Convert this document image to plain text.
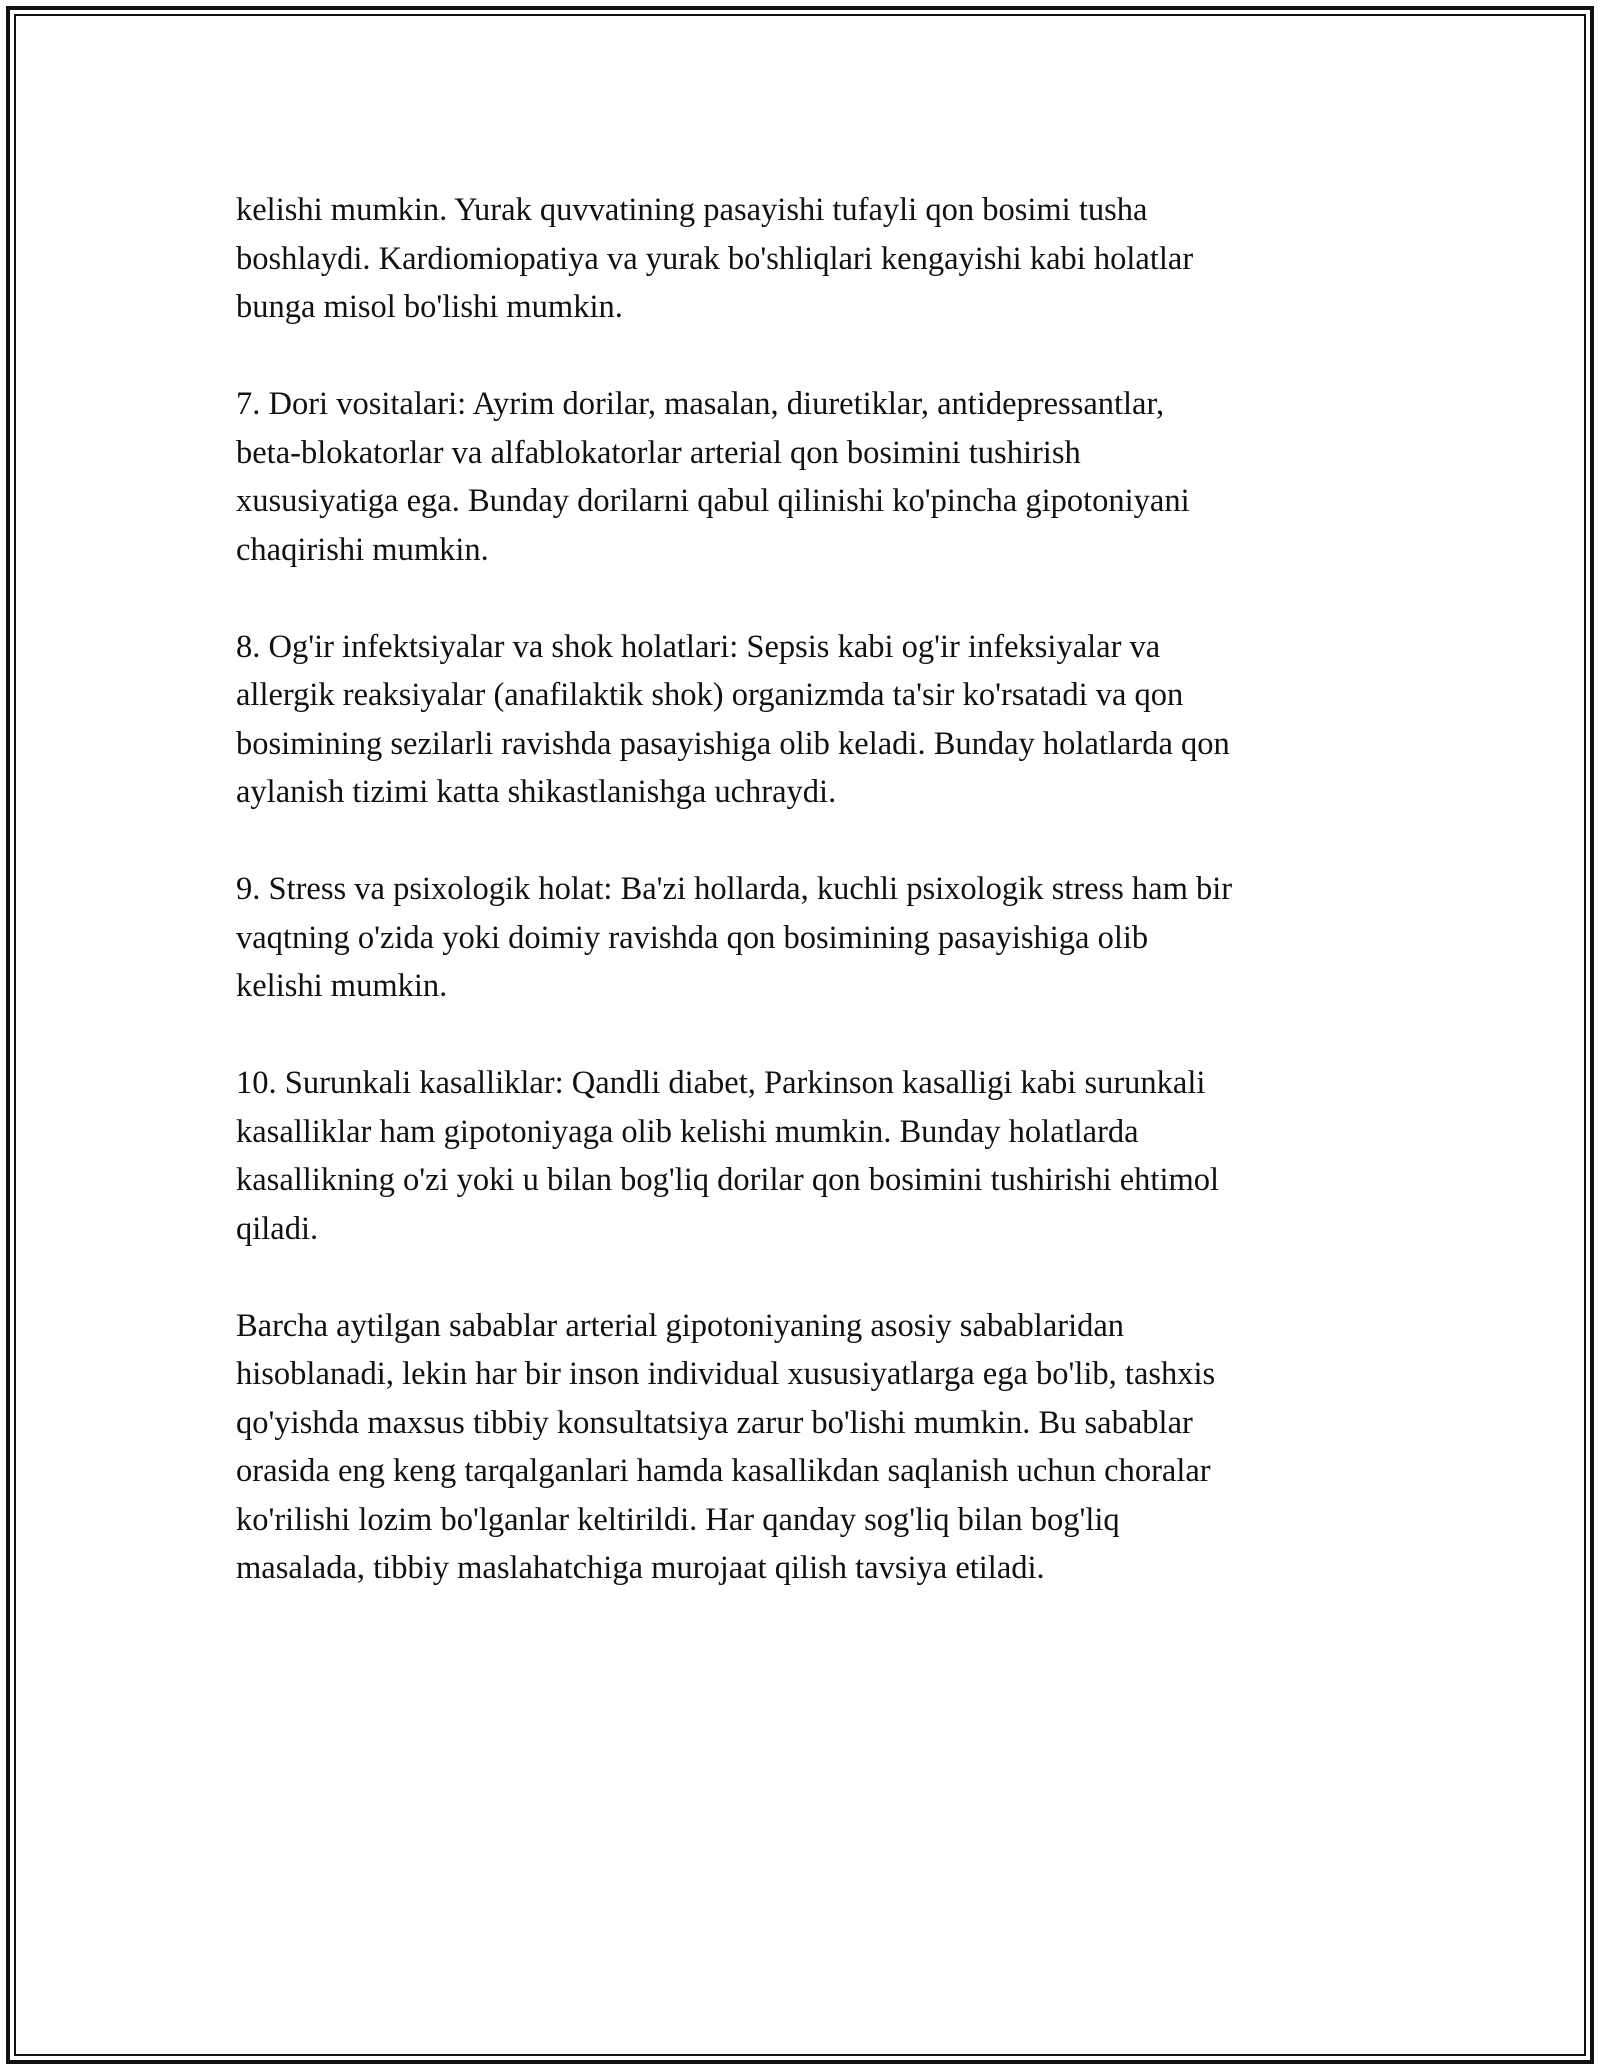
kelishi mumkin. Yurak quvvatining pasayishi tufayli qon bosimi tusha
boshlaydi. Kardiomiopatiya va yurak bo'shliqlari kengayishi kabi holatlar
bunga misol bo'lishi mumkin.

7. Dori vositalari: Ayrim dorilar, masalan, diuretiklar, antidepressantlar,
beta-blokatorlar va alfablokatorlar arterial qon bosimini tushirish
xususiyatiga ega. Bunday dorilarni qabul qilinishi ko'pincha gipotoniyani
chaqirishi mumkin.

8. Og'ir infektsiyalar va shok holatlari: Sepsis kabi og'ir infeksiyalar va
allergik reaksiyalar (anafilaktik shok) organizmda ta'sir ko'rsatadi va qon
bosimining sezilarli ravishda pasayishiga olib keladi. Bunday holatlarda qon
aylanish tizimi katta shikastlanishga uchraydi.

9. Stress va psixologik holat: Ba'zi hollarda, kuchli psixologik stress ham bir
vaqtning o'zida yoki doimiy ravishda qon bosimining pasayishiga olib
kelishi mumkin.

10. Surunkali kasalliklar: Qandli diabet, Parkinson kasalligi kabi surunkali
kasalliklar ham gipotoniyaga olib kelishi mumkin. Bunday holatlarda
kasallikning o'zi yoki u bilan bog'liq dorilar qon bosimini tushirishi ehtimol
qiladi.

Barcha aytilgan sabablar arterial gipotoniyaning asosiy sabablaridan
hisoblanadi, lekin har bir inson individual xususiyatlarga ega bo'lib, tashxis
qo'yishda maxsus tibbiy konsultatsiya zarur bo'lishi mumkin. Bu sabablar
orasida eng keng tarqalganlari hamda kasallikdan saqlanish uchun choralar
ko'rilishi lozim bo'lganlar keltirildi. Har qanday sog'liq bilan bog'liq
masalada, tibbiy maslahatchiga murojaat qilish tavsiya etiladi.
